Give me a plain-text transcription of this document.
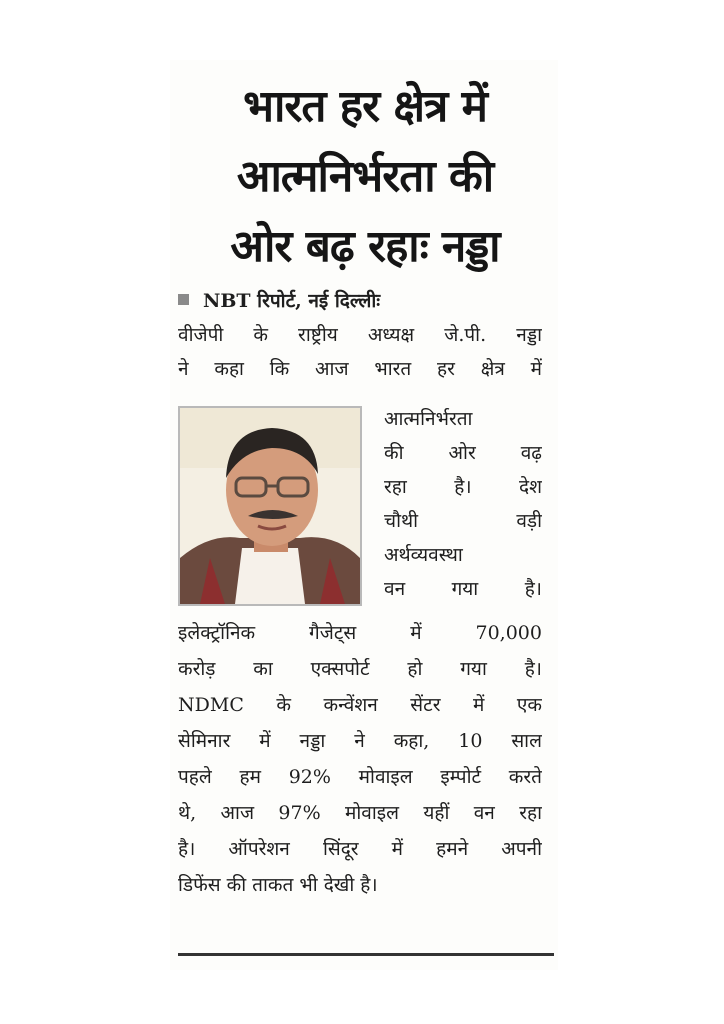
भारत हर क्षेत्र में
आत्मनिर्भरता की
ओर बढ़ रहाः नड्डा
NBT रिपोर्ट, नई दिल्लीः
वीजेपी के राष्ट्रीय अध्यक्ष जे.पी. नड्डा
ने कहा कि आज भारत हर क्षेत्र में
आत्मनिर्भरता
की ओर वढ़
रहा है। देश
चौथी वड़ी
अर्थव्यवस्था
वन गया है।
इलेक्ट्रॉनिक गैजेट्स में 70,000
करोड़ का एक्सपोर्ट हो गया है।
NDMC के कन्वेंशन सेंटर में एक
सेमिनार में नड्डा ने कहा, 10 साल
पहले हम 92% मोवाइल इम्पोर्ट करते
थे, आज 97% मोवाइल यहीं वन रहा
है। ऑपरेशन सिंदूर में हमने अपनी
डिफेंस की ताकत भी देखी है।
